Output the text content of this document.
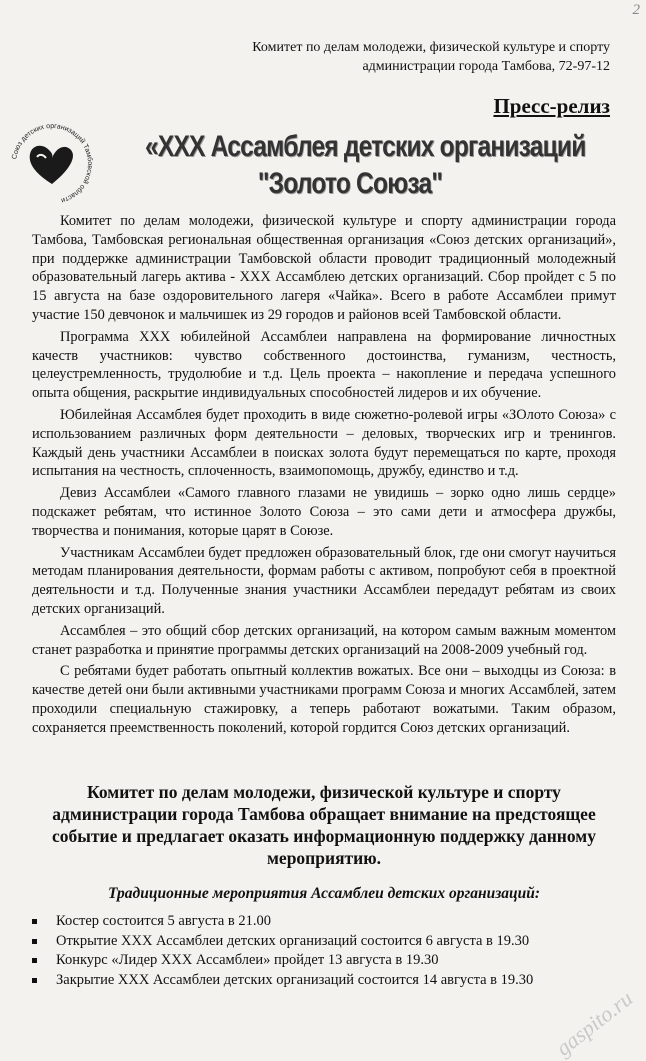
2
Комитет по делам молодежи, физической культуре и спорту
администрации города Тамбова, 72-97-12
Пресс-релиз
Союз детских организаций Тамбовской области
«XXX Ассамблея детских организаций
"Золото Союза"

Комитет по делам молодежи, физической культуре и спорту администрации города Тамбова, Тамбовская региональная общественная организация «Союз детских организаций», при поддержке администрации Тамбовской области проводит традиционный молодежный образовательный лагерь актива - XXX Ассамблею детских организаций. Сбор пройдет с 5 по 15 августа на базе оздоровительного лагеря «Чайка». Всего в работе Ассамблеи примут участие 150 девчонок и мальчишек из 29 городов и районов всей Тамбовской области.

Программа XXX юбилейной Ассамблеи направлена на формирование личностных качеств участников: чувство собственного достоинства, гуманизм, честность, целеустремленность, трудолюбие и т.д. Цель проекта – накопление и передача успешного опыта общения, раскрытие индивидуальных способностей лидеров и их обучение.

Юбилейная Ассамблея будет проходить в виде сюжетно-ролевой игры «ЗОлото Союза» с использованием различных форм деятельности – деловых, творческих игр и тренингов. Каждый день участники Ассамблеи в поисках золота будут перемещаться по карте, проходя испытания на честность, сплоченность, взаимопомощь, дружбу, единство и т.д.

Девиз Ассамблеи «Самого главного глазами не увидишь – зорко одно лишь сердце» подскажет ребятам, что истинное Золото Союза – это сами дети и атмосфера дружбы, творчества и понимания, которые царят в Союзе.

Участникам Ассамблеи будет предложен образовательный блок, где они смогут научиться методам планирования деятельности, формам работы с активом, попробуют себя в проектной деятельности и т.д. Полученные знания участники Ассамблеи передадут ребятам из своих детских организаций.

Ассамблея – это общий сбор детских организаций, на котором самым важным моментом станет разработка и принятие программы детских организаций на 2008-2009 учебный год.

С ребятами будет работать опытный коллектив вожатых. Все они – выходцы из Союза: в качестве детей они были активными участниками программ Союза и многих Ассамблей, затем проходили специальную стажировку, а теперь работают вожатыми. Таким образом, сохраняется преемственность поколений, которой гордится Союз детских организаций.

Комитет по делам молодежи, физической культуре и спорту администрации города Тамбова обращает внимание на предстоящее событие и предлагает оказать информационную поддержку данному мероприятию.
Традиционные мероприятия Ассамблеи детских организаций:
Костер состоится 5 августа в 21.00
Открытие XXX Ассамблеи детских организаций состоится 6 августа в 19.30
Конкурс «Лидер XXX Ассамблеи» пройдет 13 августа в 19.30
Закрытие XXX Ассамблеи детских организаций состоится 14 августа в 19.30
gaspito.ru
